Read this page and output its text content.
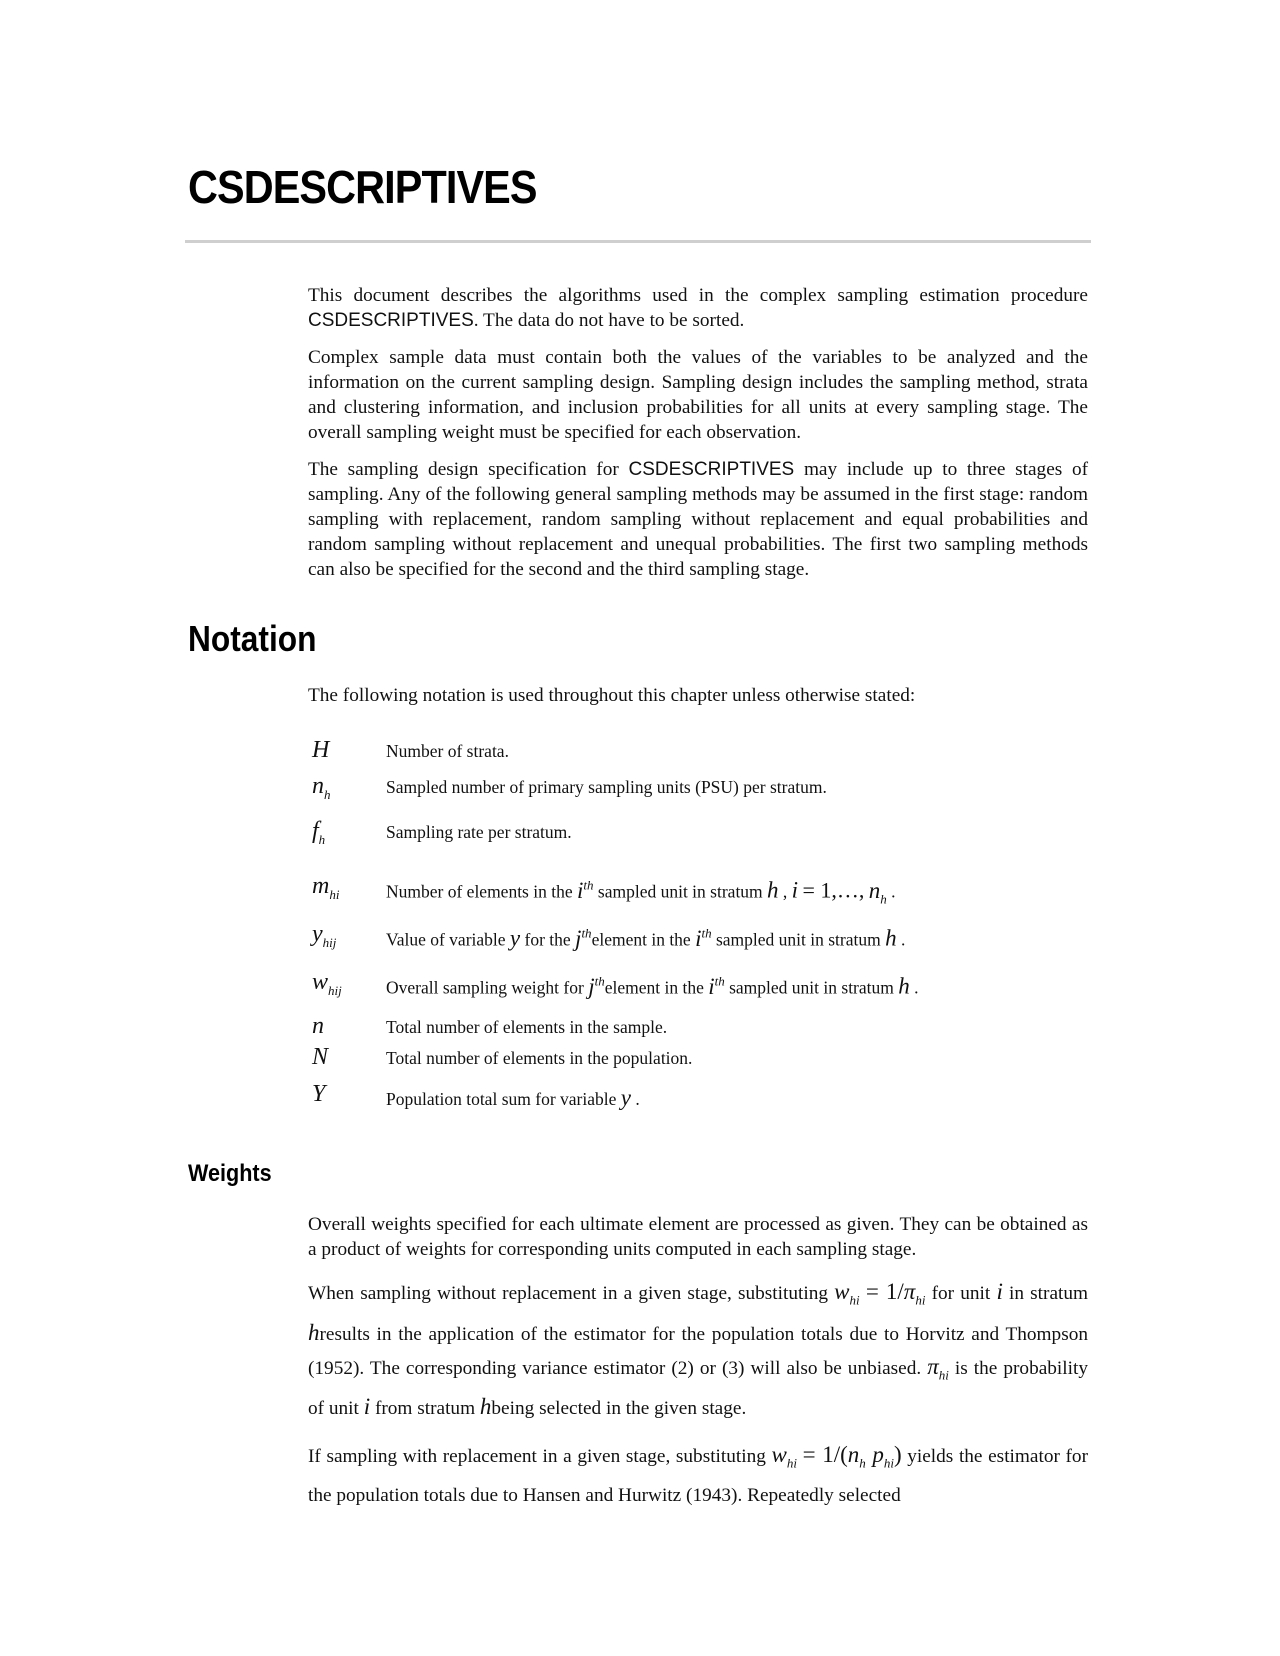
CSDESCRIPTIVES

This document describes the algorithms used in the complex sampling estimation procedure CSDESCRIPTIVES. The data do not have to be sorted.

Complex sample data must contain both the values of the variables to be analyzed and the information on the current sampling design. Sampling design includes the sampling method, strata and clustering information, and inclusion probabilities for all units at every sampling stage. The overall sampling weight must be specified for each observation.

The sampling design specification for CSDESCRIPTIVES may include up to three stages of sampling. Any of the following general sampling methods may be assumed in the first stage: random sampling with replacement, random sampling without replacement and equal probabilities and random sampling without replacement and unequal probabilities. The first two sampling methods can also be specified for the second and the third sampling stage.

Notation

The following notation is used throughout this chapter unless otherwise stated:

H	Number of strata.
$n_h$	Sampled number of primary sampling units (PSU) per stratum.
$f_h$	Sampling rate per stratum.
$m_{hi}$	Number of elements in the $i^{th}$ sampled unit in stratum h , i = 1,…, $n_h$ .
$y_{hij}$	Value of variable y for the $j^{th}element$ in the $i^{th}$ sampled unit in stratum h .
$w_{hij}$	Overall sampling weight for $j^{th}element$ in the $i^{th}$ sampled unit in stratum h .
n	Total number of elements in the sample.
N	Total number of elements in the population.
Y	Population total sum for variable y .
Weights

Overall weights specified for each ultimate element are processed as given. They can be obtained as a product of weights for corresponding units computed in each sampling stage.

When sampling without replacement in a given stage, substituting $w_{hi} = 1/\pi_{hi}$ for unit i in stratum hresults in the application of the estimator for the population totals due to Horvitz and Thompson (1952). The corresponding variance estimator (2) or (3) will also be unbiased. $\pi_{hi}$ is the probability of unit i from stratum hbeing selected in the given stage.

If sampling with replacement in a given stage, substituting $w_{hi} = 1/(n_h$ $p_{hi}$) yields the estimator for the population totals due to Hansen and Hurwitz (1943). Repeatedly selected
